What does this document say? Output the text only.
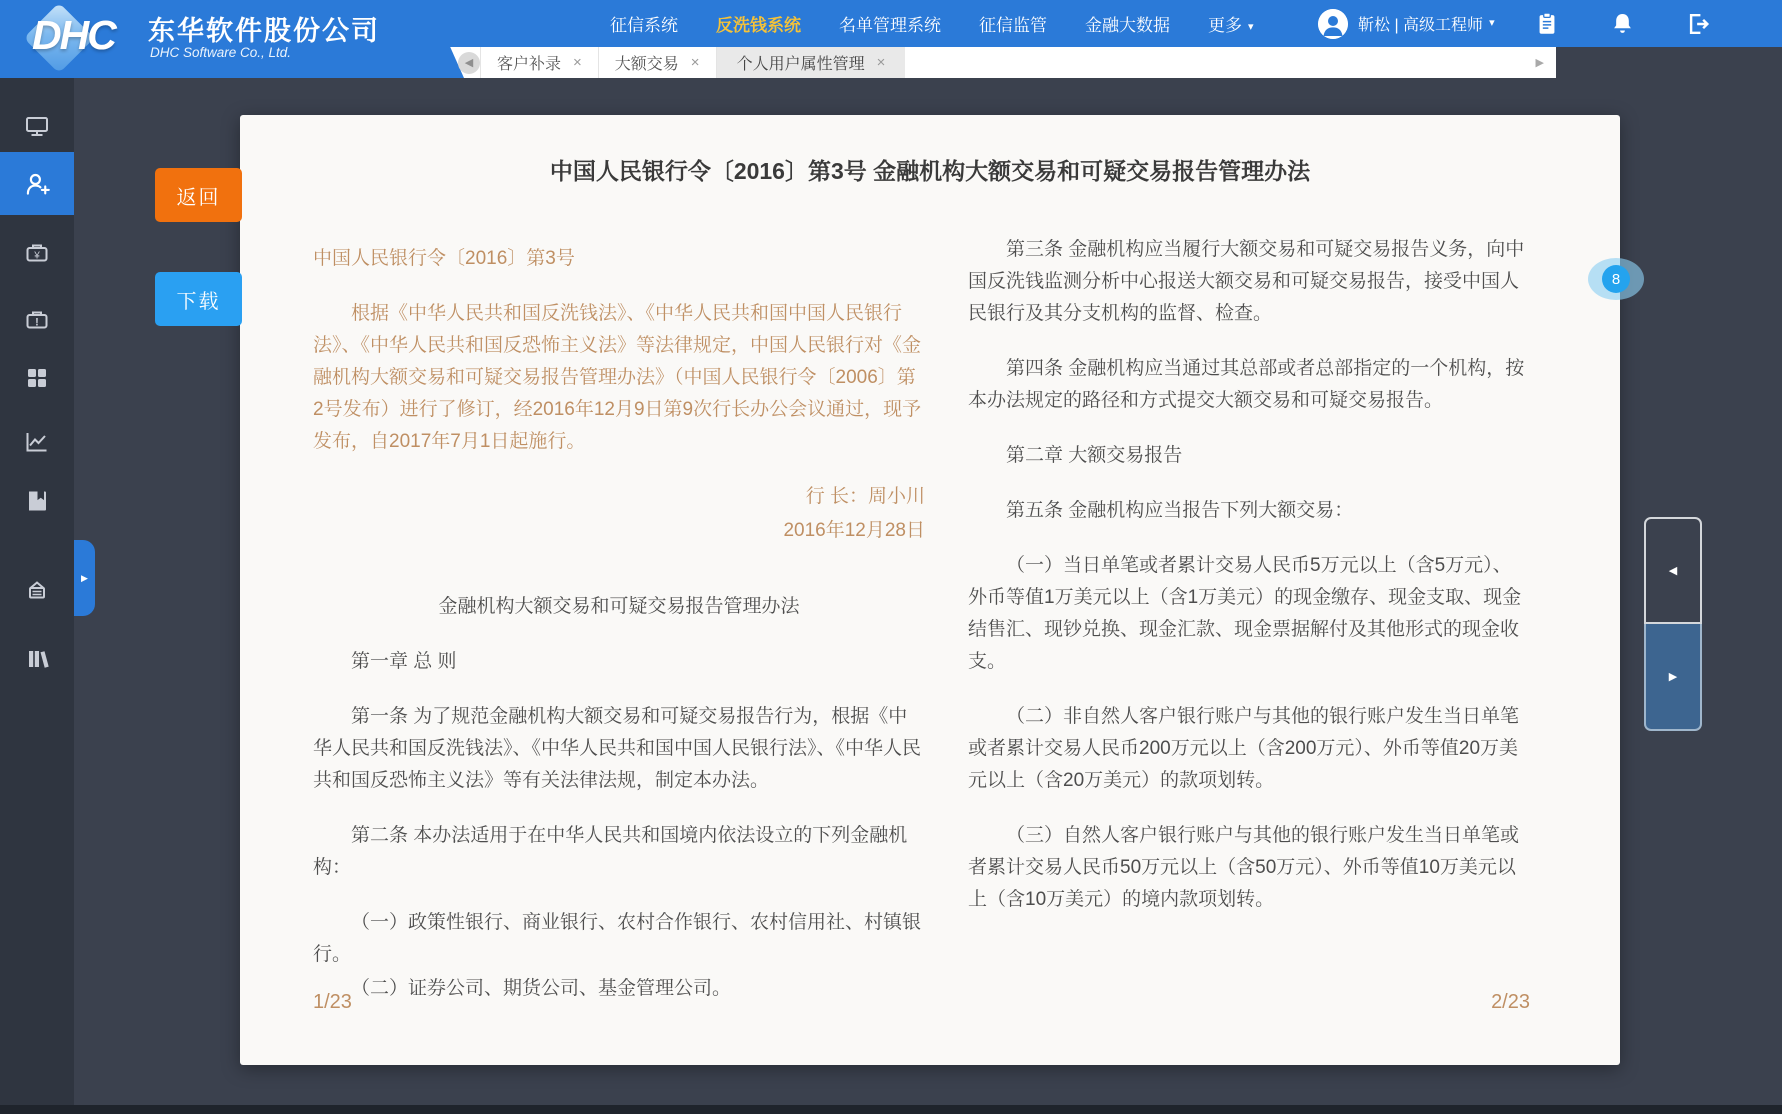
征信系统 反洗钱系统 名单管理系统 征信监管 金融大数据 更多 ▾	靳松 | 高级工程师 ▾
DHC 东华软件股份公司
DHC Software Co., Ltd.
◀	客户补录 × 大额交易 × 个人用户属性管理 ×	▶
¥
!
▶
返回
下载
中国人民银行令〔2016〕第3号 金融机构大额交易和可疑交易报告管理办法

中国人民银行令〔2016〕第3号

根据《中华人民共和国反洗钱法》、《中华人民共和国中国人民银行法》、《中华人民共和国反恐怖主义法》等法律规定，中国人民银行对《金融机构大额交易和可疑交易报告管理办法》（中国人民银行令〔2006〕第2号发布）进行了修订，经2016年12月9日第9次行长办公会议通过，现予发布，自2017年7月1日起施行。

行 长：周小川

2016年12月28日

金融机构大额交易和可疑交易报告管理办法

第一章 总 则

第一条 为了规范金融机构大额交易和可疑交易报告行为，根据《中华人民共和国反洗钱法》、《中华人民共和国中国人民银行法》、《中华人民共和国反恐怖主义法》等有关法律法规，制定本办法。

第二条 本办法适用于在中华人民共和国境内依法设立的下列金融机构：

（一）政策性银行、商业银行、农村合作银行、农村信用社、村镇银行。

（二）证券公司、期货公司、基金管理公司。

1/23

第三条 金融机构应当履行大额交易和可疑交易报告义务，向中国反洗钱监测分析中心报送大额交易和可疑交易报告，接受中国人民银行及其分支机构的监督、检查。

第四条 金融机构应当通过其总部或者总部指定的一个机构，按本办法规定的路径和方式提交大额交易和可疑交易报告。

第二章 大额交易报告

第五条 金融机构应当报告下列大额交易：

（一）当日单笔或者累计交易人民币5万元以上（含5万元）、外币等值1万美元以上（含1万美元）的现金缴存、现金支取、现金结售汇、现钞兑换、现金汇款、现金票据解付及其他形式的现金收支。

（二）非自然人客户银行账户与其他的银行账户发生当日单笔或者累计交易人民币200万元以上（含200万元）、外币等值20万美元以上（含20万美元）的款项划转。

（三）自然人客户银行账户与其他的银行账户发生当日单笔或者累计交易人民币50万元以上（含50万元）、外币等值10万美元以上（含10万美元）的境内款项划转。

2/23
8
◀
▶
